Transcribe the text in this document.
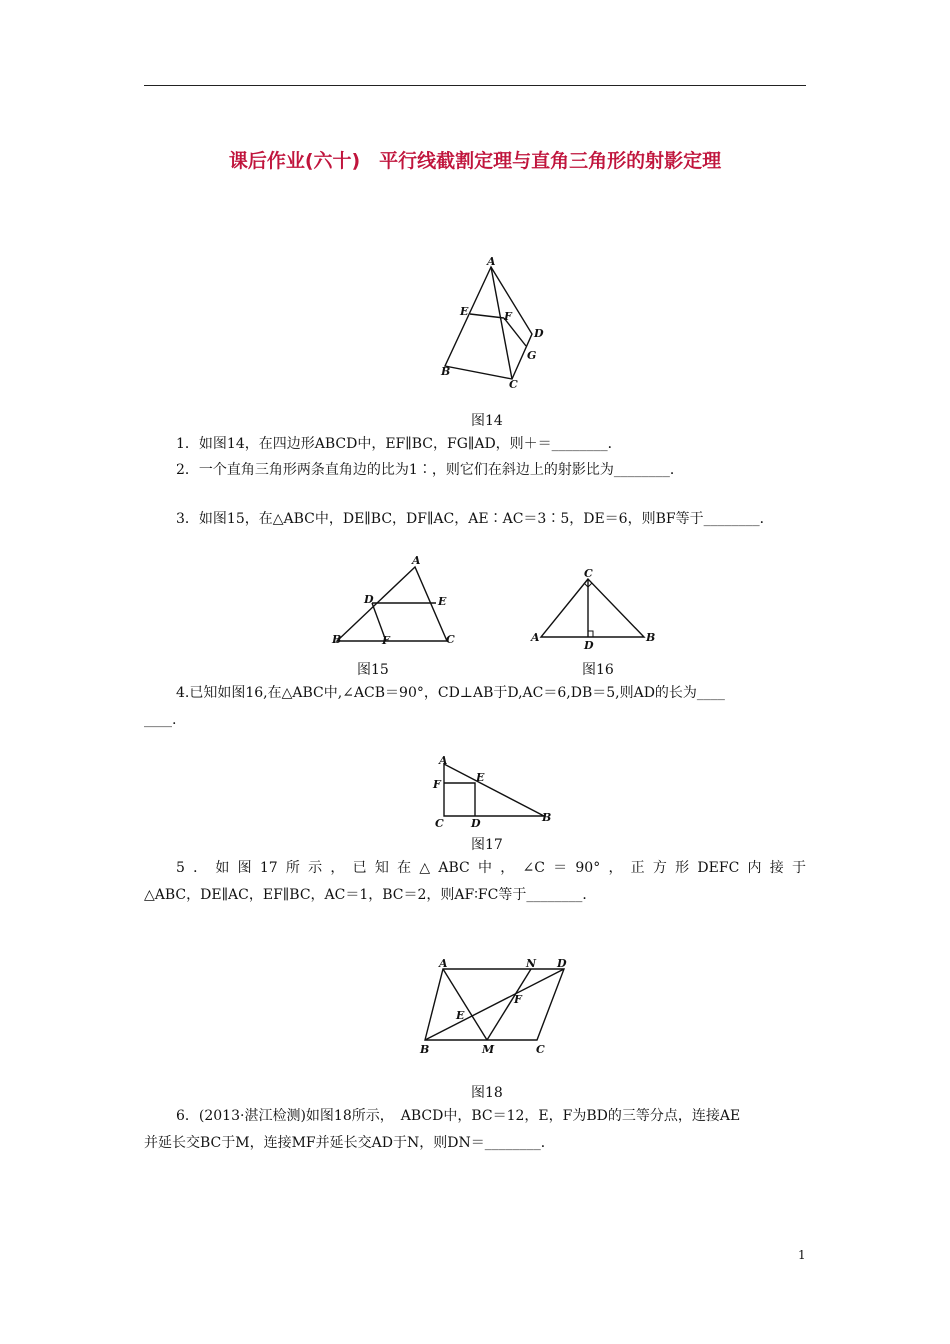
课后作业(六十)　平行线截割定理与直角三角形的射影定理
A
E	F
D
G
B
C
图14
1．如图14，在四边形ABCD中，EF∥BC，FG∥AD，则＋＝________．
2．一个直角三角形两条直角边的比为1∶，则它们在斜边上的射影比为________．
3．如图15，在△ABC中，DE∥BC，DF∥AC，AE∶AC＝3∶5，DE＝6，则BF等于________．
A
D	E
B	F	C
C
A
D
B
图15	图16
4.已知如图16,在△ABC中,∠ACB＝90°，CD⊥AB于D,AC＝6,DB＝5,则AD的长为____
____.
A
F
E
C D	B
图17
5．如图17所示，已知在△ABC中，∠C＝90°，正方形DEFC内接于
△ABC，DE∥AC，EF∥BC，AC＝1，BC＝2，则AF∶FC等于________．
A	N D
F
E
B	M	C
图18
6．(2013·湛江检测)如图18所示，　ABCD中，BC＝12，E，F为BD的三等分点，连接AE
并延长交BC于M，连接MF并延长交AD于N，则DN＝________．
1
